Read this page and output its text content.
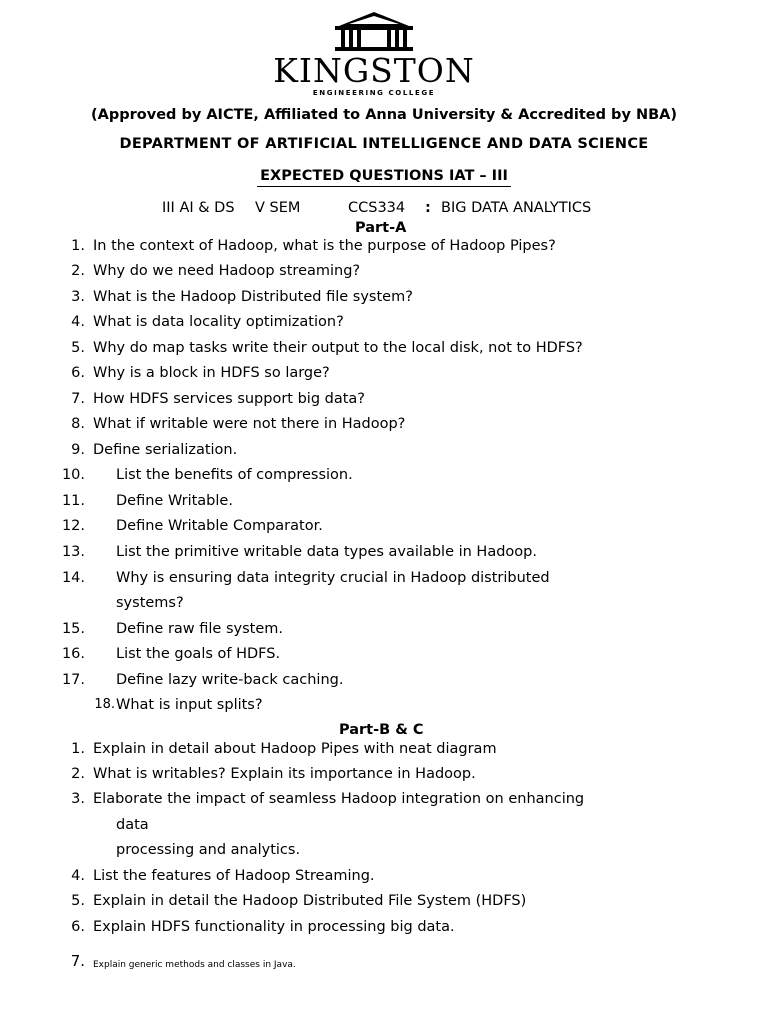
KINGSTON
ENGINEERING COLLEGE
(Approved by AICTE, Affiliated to Anna University & Accredited by NBA)
DEPARTMENT OF ARTIFICIAL INTELLIGENCE AND DATA SCIENCE
EXPECTED QUESTIONS IAT – III
III AI & DS V SEM	CCS334 : BIG DATA ANALYTICS
Part-A
1. In the context of Hadoop, what is the purpose of Hadoop Pipes?
2. Why do we need Hadoop streaming?
3. What is the Hadoop Distributed file system?
4. What is data locality optimization?
5. Why do map tasks write their output to the local disk, not to HDFS?
6. Why is a block in HDFS so large?
7. How HDFS services support big data?
8. What if writable were not there in Hadoop?
9. Define serialization.
10. List the benefits of compression.
11. Define Writable.
12. Define Writable Comparator.
13. List the primitive writable data types available in Hadoop.
14. Why is ensuring data integrity crucial in Hadoop distributed
systems?
15. Define raw file system.
16. List the goals of HDFS.
17. Define lazy write-back caching.
18. What is input splits?
Part-B & C
1. Explain in detail about Hadoop Pipes with neat diagram
2. What is writables? Explain its importance in Hadoop.
3. Elaborate the impact of seamless Hadoop integration on enhancing
data
processing and analytics.
4. List the features of Hadoop Streaming.
5. Explain in detail the Hadoop Distributed File System (HDFS)
6. Explain HDFS functionality in processing big data.
7. Explain generic methods and classes in Java.
